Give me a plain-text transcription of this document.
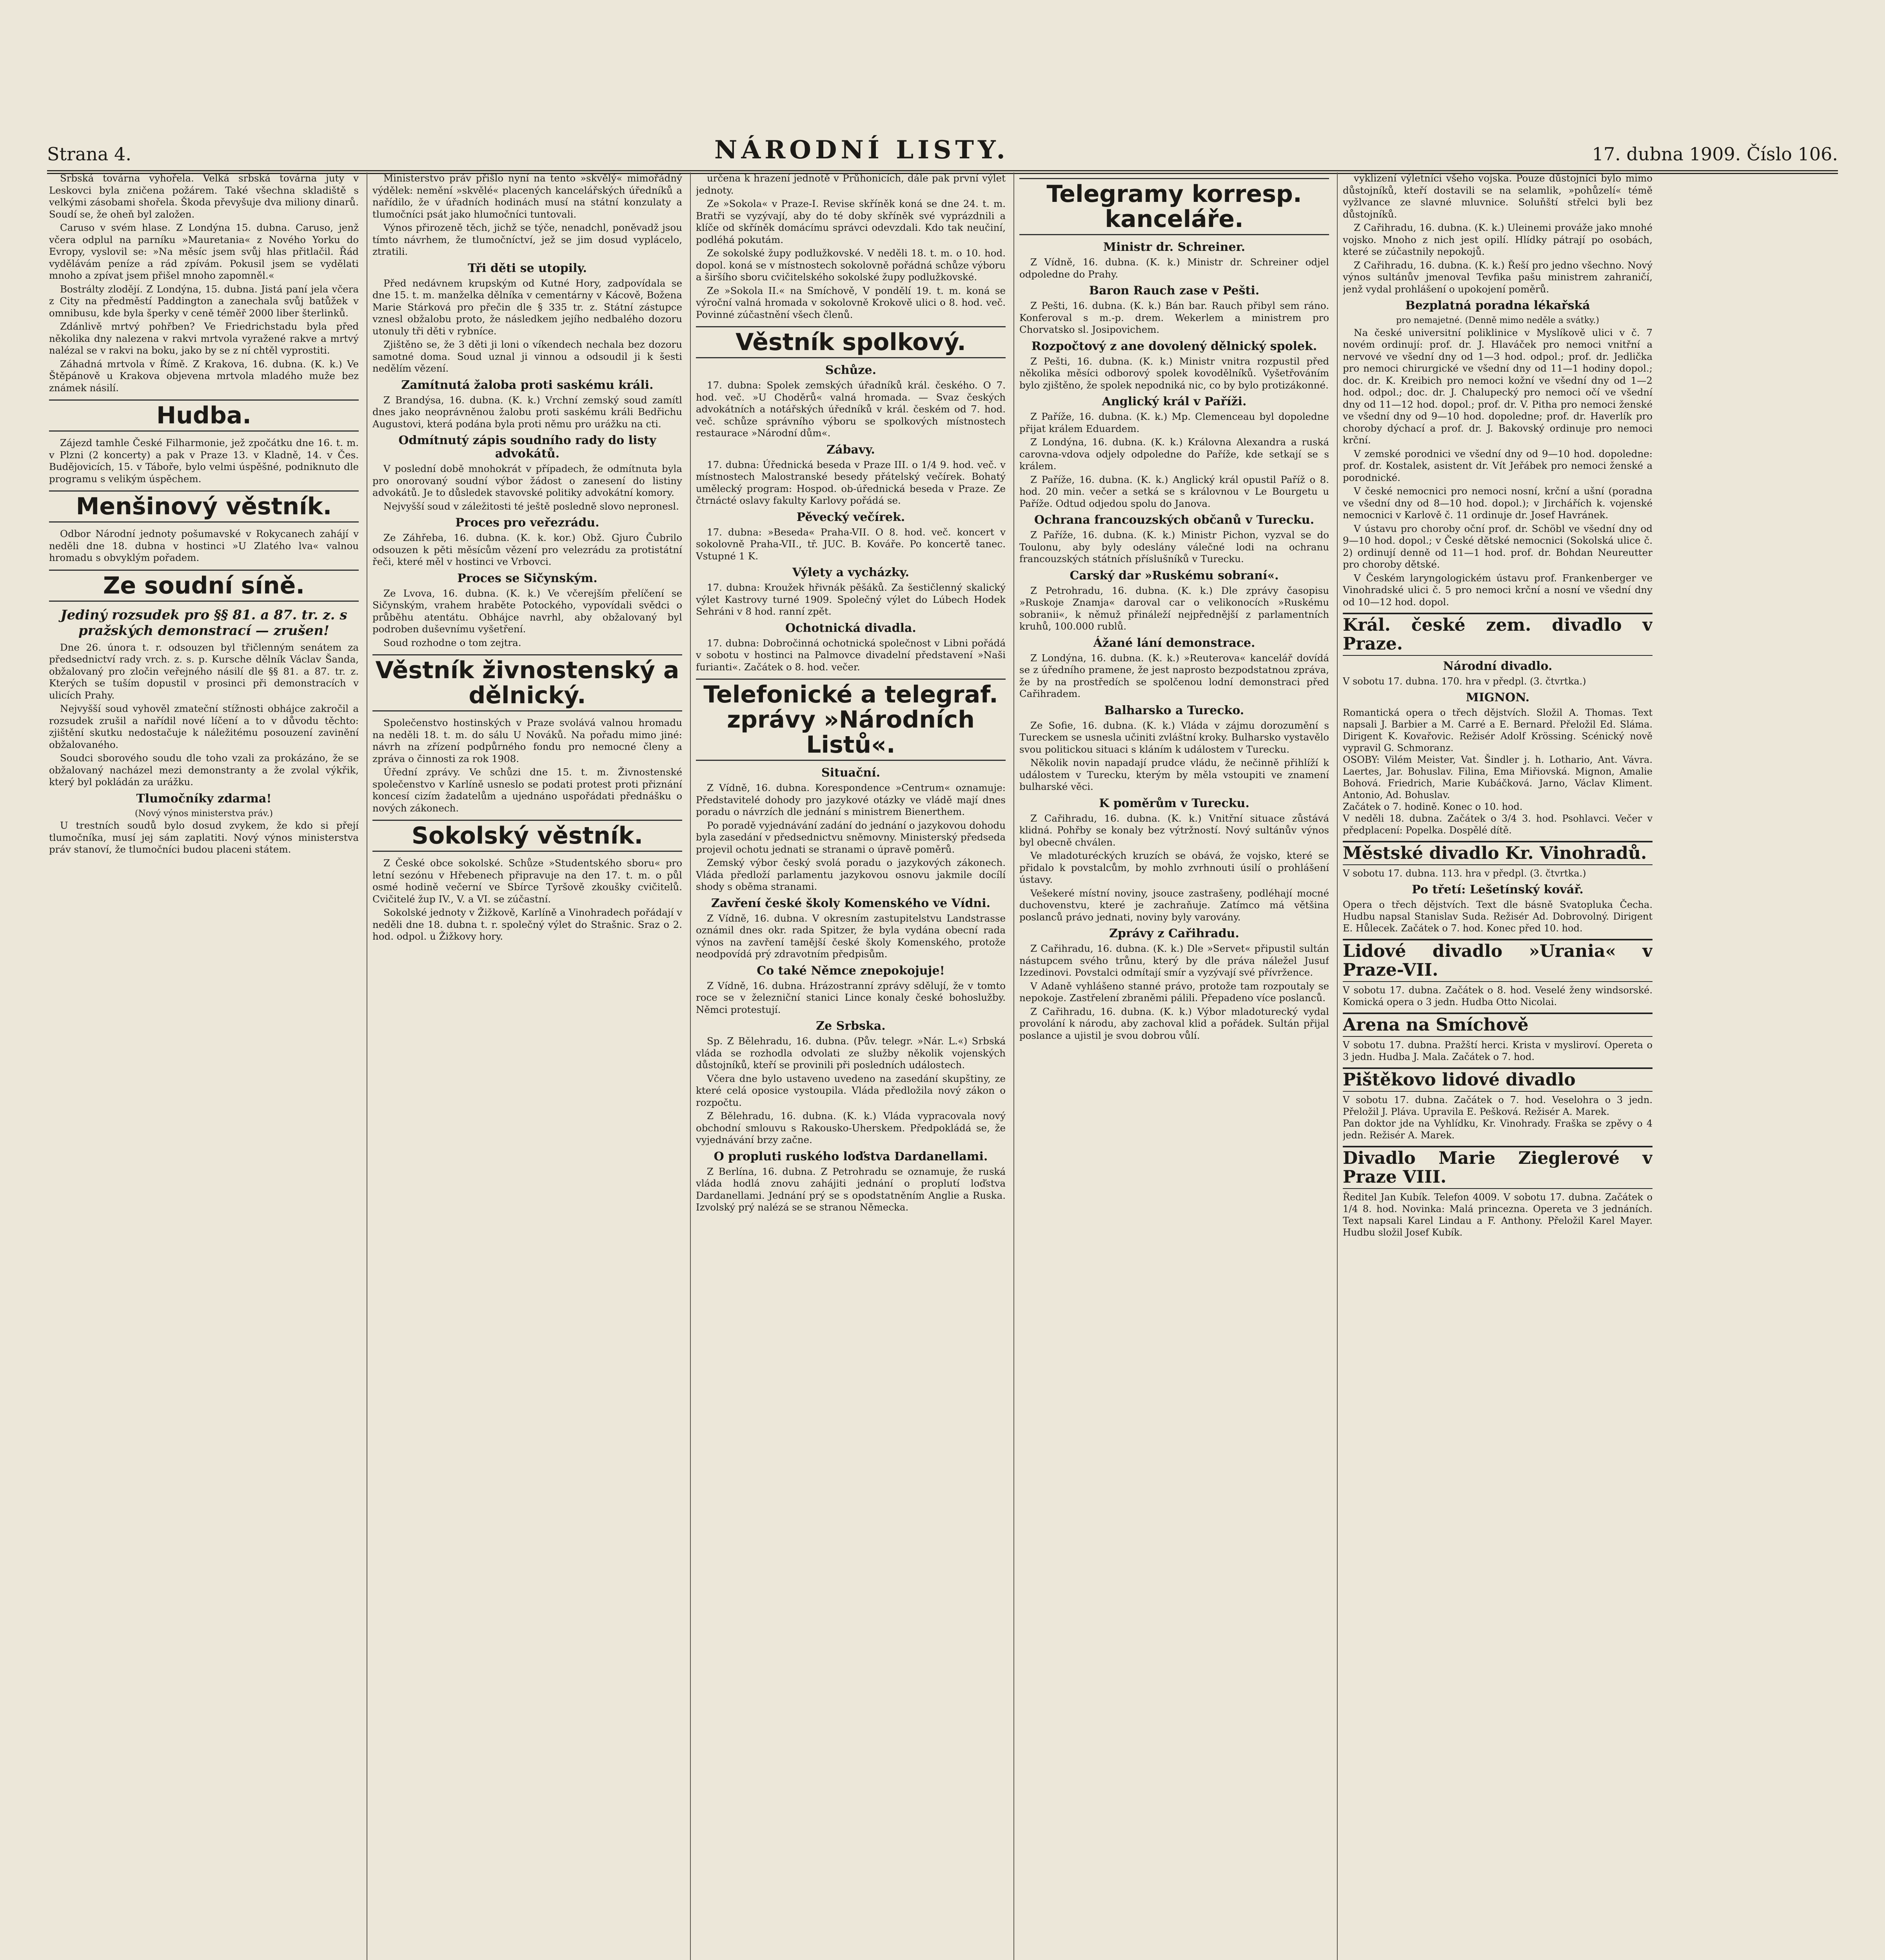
Strana 4.	NÁRODNÍ LISTY.	17. dubna 1909. Číslo 106.

Srbská továrna vyhořela. Velká srbská továrna juty v Leskovci byla zničena požárem. Také všechna skladiště s velkými zásobami shořela. Škoda převyšuje dva miliony dinarů. Soudí se, že oheň byl založen.

Caruso v svém hlase. Z Londýna 15. dubna. Caruso, jenž včera odplul na parníku »Mauretania« z Nového Yorku do Evropy, vyslovil se: »Na měsíc jsem svůj hlas přitlačil. Řád vydělávám peníze a rád zpívám. Pokusil jsem se vydělati mnoho a zpívat jsem přišel mnoho zapomněl.«

Bostrálty zlodějí. Z Londýna, 15. dubna. Jistá paní jela včera z City na předměstí Paddington a zanechala svůj batůžek v omnibusu, kde byla šperky v ceně téměř 2000 liber šterlinků.

Zdánlivě mrtvý pohřben? Ve Friedrichstadu byla před několika dny nalezena v rakvi mrtvola vyražené rakve a mrtvý nalézal se v rakvi na boku, jako by se z ní chtěl vyprostiti.

Záhadná mrtvola v Římě. Z Krakova, 16. dubna. (K. k.) Ve Štěpánově u Krakova objevena mrtvola mladého muže bez známek násilí.

Hudba.

Zájezd tamhle České Filharmonie, jež zpočátku dne 16. t. m. v Plzni (2 koncerty) a pak v Praze 13. v Kladně, 14. v Čes. Budějovicích, 15. v Táboře, bylo velmi úspěšné, podniknuto dle programu s velikým úspěchem.

Menšinový věstník.

Odbor Národní jednoty pošumavské v Rokycanech zahájí v neděli dne 18. dubna v hostinci »U Zlatého lva« valnou hromadu s obvyklým pořadem.

Ze soudní síně.
Jediný rozsudek pro §§ 81. a 87. tr. z. s pražských demonstrací — zrušen!

Dne 26. února t. r. odsouzen byl třičlenným senátem za předsednictví rady vrch. z. s. p. Kursche dělník Václav Šanda, obžalovaný pro zločin veřejného násilí dle §§ 81. a 87. tr. z. Kterých se tuším dopustil v prosinci při demonstracích v ulicích Prahy.

Nejvyšší soud vyhověl zmateční stížnosti obhájce zakročil a rozsudek zrušil a nařídil nové líčení a to v důvodu těchto: zjištění skutku nedostačuje k náležitému posouzení zavinění obžalovaného.

Soudci sborového soudu dle toho vzali za prokázáno, že se obžalovaný nacházel mezi demonstranty a že zvolal výkřik, který byl pokládán za urážku.

Tlumočníky zdarma!
(Nový výnos ministerstva práv.)

U trestních soudů bylo dosud zvykem, že kdo si přejí tlumočníka, musí jej sám zaplatiti. Nový výnos ministerstva práv stanoví, že tlumočníci budou placeni státem.

Ministerstvo práv přišlo nyní na tento »skvělý« mimořádný výdělek: nemění »skvělé« placených kancelářských úředníků a nařídilo, že v úřadních hodinách musí na státní konzulaty a tlumočníci psát jako hlumočníci tuntovali.

Výnos přirozeně těch, jichž se týče, nenadchl, poněvadž jsou tímto návrhem, že tlumočníctví, jež se jim dosud vyplácelo, ztratili.

Tři děti se utopily.

Před nedávnem krupským od Kutné Hory, zadpovídala se dne 15. t. m. manželka dělníka v cementárny v Kácově, Božena Marie Stárková pro přečin dle § 335 tr. z. Státní zástupce vznesl obžalobu proto, že následkem jejího nedbalého dozoru utonuly tři děti v rybníce.

Zjištěno se, že 3 děti ji loni o víkendech nechala bez dozoru samotné doma. Soud uznal ji vinnou a odsoudil ji k šesti nedělím vězení.

Zamítnutá žaloba proti saskému králi.

Z Brandýsa, 16. dubna. (K. k.) Vrchní zemský soud zamítl dnes jako neoprávněnou žalobu proti saskému králi Bedřichu Augustovi, která podána byla proti němu pro urážku na cti.

Odmítnutý zápis soudního rady do listy advokátů.

V poslední době mnohokrát v případech, že odmítnuta byla pro onorovaný soudní výbor žádost o zanesení do listiny advokátů. Je to důsledek stavovské politiky advokátní komory.

Nejvyšší soud v záležitosti té ještě posledně slovo nepronesl.

Proces pro veřezrádu.

Ze Záhřeba, 16. dubna. (K. k. kor.) Obž. Gjuro Čubrilo odsouzen k pěti měsícům vězení pro velezrádu za protistátní řeči, které měl v hostinci ve Vrbovci.

Proces se Sičynským.

Ze Lvova, 16. dubna. (K. k.) Ve včerejším přelíčení se Sičynským, vrahem hraběte Potockého, vypovídali svědci o průběhu atentátu. Obhájce navrhl, aby obžalovaný byl podroben duševnímu vyšetření.

Soud rozhodne o tom zejtra.

Věstník živnostenský a dělnický.

Společenstvo hostinských v Praze svolává valnou hromadu na neděli 18. t. m. do sálu U Nováků. Na pořadu mimo jiné: návrh na zřízení podpůrného fondu pro nemocné členy a zpráva o činnosti za rok 1908.

Úřední zprávy. Ve schůzi dne 15. t. m. Živnostenské společenstvo v Karlíně usneslo se podati protest proti přiznání koncesí cizím žadatelům a ujednáno uspořádati přednášku o nových zákonech.

Sokolský věstník.

Z České obce sokolské. Schůze »Studentského sboru« pro letní sezónu v Hřebenech připravuje na den 17. t. m. o půl osmé hodině večerní ve Sbírce Tyršově zkoušky cvičitelů. Cvičitelé žup IV., V. a VI. se zúčastní.

Sokolské jednoty v Žižkově, Karlíně a Vinohradech pořádají v neděli dne 18. dubna t. r. společný výlet do Strašnic. Sraz o 2. hod. odpol. u Žižkovy hory.

určena k hrazení jednotě v Průhonicích, dále pak první výlet jednoty.

Ze »Sokola« v Praze-I. Revise skříněk koná se dne 24. t. m. Bratři se vyzývají, aby do té doby skříněk své vyprázdnili a klíče od skříněk domácímu správci odevzdali. Kdo tak neučiní, podléhá pokutám.

Ze sokolské župy podlužkovské. V neděli 18. t. m. o 10. hod. dopol. koná se v místnostech sokolovně pořádná schůze výboru a širšího sboru cvičitelského sokolské župy podlužkovské.

Ze »Sokola II.« na Smíchově, V pondělí 19. t. m. koná se výroční valná hromada v sokolovně Krokově ulici o 8. hod. več. Povinné zúčastnění všech členů.

Věstník spolkový.
Schůze.

17. dubna: Spolek zemských úřadníků král. českého. O 7. hod. več. »U Choděrů« valná hromada. — Svaz českých advokátních a notářských úředníků v král. českém od 7. hod. več. schůze správního výboru se spolkových místnostech restaurace »Národní dům«.

Zábavy.

17. dubna: Úřednická beseda v Praze III. o 1/4 9. hod. več. v místnostech Malostranské besedy přátelský večírek. Bohatý umělecký program: Hospod. ob-úřednická beseda v Praze. Ze čtrnácté oslavy fakulty Karlovy pořádá se.

Pěvecký večírek.

17. dubna: »Beseda« Praha-VII. O 8. hod. več. koncert v sokolovně Praha-VII., tř. JUC. B. Kováře. Po koncertě tanec. Vstupné 1 K.

Výlety a vycházky.

17. dubna: Kroužek hřivnák pěšáků. Za šestičlenný skalický výlet Kastrovy turné 1909. Společný výlet do Lúbech Hodek Sehráni v 8 hod. ranní zpět.

Ochotnická divadla.

17. dubna: Dobročinná ochotnická společnost v Libni pořádá v sobotu v hostinci na Palmovce divadelní představení »Naši furianti«. Začátek o 8. hod. večer.

Telefonické a telegraf. zprávy »Národních Listů«.
Situační.

Z Vídně, 16. dubna. Korespondence »Centrum« oznamuje: Představitelé dohody pro jazykové otázky ve vládě mají dnes poradu o návrzích dle jednání s ministrem Bienerthem.

Po poradě vyjednávání zadání do jednání o jazykovou dohodu byla zasedání v předsednictvu sněmovny. Ministerský předseda projevil ochotu jednati se stranami o úpravě poměrů.

Zemský výbor český svolá poradu o jazykových zákonech. Vláda předloží parlamentu jazykovou osnovu jakmile docílí shody s oběma stranami.

Zavření české školy Komenského ve Vídni.

Z Vídně, 16. dubna. V okresním zastupitelstvu Landstrasse oznámil dnes okr. rada Spitzer, že byla vydána obecní rada výnos na zavření tamější české školy Komenského, protože neodpovídá prý zdravotním předpisům.

Co také Němce znepokojuje!

Z Vídně, 16. dubna. Hrázostranní zprávy sdělují, že v tomto roce se v železniční stanici Lince konaly české bohoslužby. Němci protestují.

Ze Srbska.

Sp. Z Bělehradu, 16. dubna. (Pův. telegr. »Nár. L.«) Srbská vláda se rozhodla odvolati ze služby několik vojenských důstojníků, kteří se provinili při posledních událostech.

Včera dne bylo ustaveno uvedeno na zasedání skupštiny, ze které celá oposice vystoupila. Vláda předložila nový zákon o rozpočtu.

Z Bělehradu, 16. dubna. (K. k.) Vláda vypracovala nový obchodní smlouvu s Rakousko-Uherskem. Předpokládá se, že vyjednávání brzy začne.

O propluti ruského loďstva Dardanellami.

Z Berlína, 16. dubna. Z Petrohradu se oznamuje, že ruská vláda hodlá znovu zahájiti jednání o proplutí loďstva Dardanellami. Jednání prý se s opodstatněním Anglie a Ruska. Izvolský prý nalézá se se stranou Německa.

Telegramy korresp. kanceláře.
Ministr dr. Schreiner.

Z Vídně, 16. dubna. (K. k.) Ministr dr. Schreiner odjel odpoledne do Prahy.

Baron Rauch zase v Pešti.

Z Pešti, 16. dubna. (K. k.) Bán bar. Rauch přibyl sem ráno. Konferoval s m.-p. drem. Wekerlem a ministrem pro Chorvatsko sl. Josipovichem.

Rozpočtový z ane dovolený dělnický spolek.

Z Pešti, 16. dubna. (K. k.) Ministr vnitra rozpustil před několika měsíci odborový spolek kovodělníků. Vyšetřováním bylo zjištěno, že spolek nepodniká nic, co by bylo protizákonné.

Anglický král v Paříži.

Z Paříže, 16. dubna. (K. k.) Mp. Clemenceau byl dopoledne přijat králem Eduardem.

Z Londýna, 16. dubna. (K. k.) Královna Alexandra a ruská carovna-vdova odjely odpoledne do Paříže, kde setkají se s králem.

Z Paříže, 16. dubna. (K. k.) Anglický král opustil Paříž o 8. hod. 20 min. večer a setká se s královnou v Le Bourgetu u Paříže. Odtud odjedou spolu do Janova.

Ochrana francouzských občanů v Turecku.

Z Paříže, 16. dubna. (K. k.) Ministr Pichon, vyzval se do Toulonu, aby byly odeslány válečné lodi na ochranu francouzských státních příslušníků v Turecku.

Carský dar »Ruskému sobraní«.

Z Petrohradu, 16. dubna. (K. k.) Dle zprávy časopisu »Ruskoje Znamja« daroval car o velikonocích »Ruskému sobranii«, k němuž přináleží nejpřednější z parlamentních kruhů, 100.000 rublů.

Ážané lání demonstrace.

Z Londýna, 16. dubna. (K. k.) »Reuterova« kancelář dovídá se z úředního pramene, že jest naprosto bezpodstatnou zpráva, že by na prostředích se spolčenou lodní demonstraci před Cařihradem.

Balharsko a Turecko.

Ze Sofie, 16. dubna. (K. k.) Vláda v zájmu dorozumění s Tureckem se usnesla učiniti zvláštní kroky. Bulharsko vystavělo svou politickou situaci s kláním k událostem v Turecku.

Několik novin napadají prudce vládu, že nečinně přihlíží k událostem v Turecku, kterým by měla vstoupiti ve znamení bulharské věci.

K poměrům v Turecku.

Z Cařihradu, 16. dubna. (K. k.) Vnitřní situace zůstává klidná. Pohřby se konaly bez výtržností. Nový sultánův výnos byl obecně chválen.

Ve mladoturéckých kruzích se obává, že vojsko, které se přidalo k povstalcům, by mohlo zvrhnouti úsilí o prohlášení ústavy.

Vešekeré místní noviny, jsouce zastrašeny, podléhají mocné duchovenstvu, které je zachraňuje. Zatímco má většina poslanců právo jednati, noviny byly varovány.

Zprávy z Cařihradu.

Z Cařihradu, 16. dubna. (K. k.) Dle »Servet« připustil sultán nástupcem svého trůnu, který by dle práva náležel Jusuf Izzedinovi. Povstalci odmítají smír a vyzývají své přívržence.

V Adaně vyhlášeno stanné právo, protože tam rozpoutaly se nepokoje. Zastřelení zbraněmi pálili. Přepadeno více poslanců.

Z Cařihradu, 16. dubna. (K. k.) Výbor mladoturecký vydal provolání k národu, aby zachoval klid a pořádek. Sultán přijal poslance a ujistil je svou dobrou vůlí.

vyklizení výletníci všeho vojska. Pouze důstojníci bylo mimo důstojníků, kteří dostavili se na selamlik, »pohůzelí« témě vyžlvance ze slavné mluvnice. Soluňští střelci byli bez důstojníků.

Z Cařihradu, 16. dubna. (K. k.) Uleinemi prováže jako mnohé vojsko. Mnoho z nich jest opilí. Hlídky pátrají po osobách, které se zúčastnily nepokojů.

Z Cařihradu, 16. dubna. (K. k.) Řeší pro jedno všechno. Nový výnos sultánův jmenoval Tevfika pašu ministrem zahraničí, jenž vydal prohlášení o upokojení poměrů.

Bezplatná poradna lékařská
pro nemajetné. (Denně mimo neděle a svátky.)

Na české universitní poliklinice v Myslíkově ulici v č. 7 novém ordinují: prof. dr. J. Hlaváček pro nemoci vnitřní a nervové ve všední dny od 1—3 hod. odpol.; prof. dr. Jedlička pro nemoci chirurgické ve všední dny od 11—1 hodiny dopol.; doc. dr. K. Kreibich pro nemoci kožní ve všední dny od 1—2 hod. odpol.; doc. dr. J. Chalupecký pro nemoci očí ve všední dny od 11—12 hod. dopol.; prof. dr. V. Pitha pro nemoci ženské ve všední dny od 9—10 hod. dopoledne; prof. dr. Haverlík pro choroby dýchací a prof. dr. J. Bakovský ordinuje pro nemoci krční.

V zemské porodnici ve všední dny od 9—10 hod. dopoledne: prof. dr. Kostalek, asistent dr. Vít Jeřábek pro nemoci ženské a porodnické.

V české nemocnici pro nemoci nosní, krční a ušní (poradna ve všední dny od 8—10 hod. dopol.); v Jirchářích k. vojenské nemocnici v Karlově č. 11 ordinuje dr. Josef Havránek.

V ústavu pro choroby oční prof. dr. Schöbl ve všední dny od 9—10 hod. dopol.; v České dětské nemocnici (Sokolská ulice č. 2) ordinují denně od 11—1 hod. prof. dr. Bohdan Neureutter pro choroby dětské.

V Českém laryngologickém ústavu prof. Frankenberger ve Vinohradské ulici č. 5 pro nemoci krční a nosní ve všední dny od 10—12 hod. dopol.

Král. české zem. divadlo v Praze.
Národní divadlo.
V sobotu 17. dubna. 170. hra v předpl. (3. čtvrtka.)
MIGNON.
Romantická opera o třech dějstvích. Složil A. Thomas. Text napsali J. Barbier a M. Carré a E. Bernard. Přeložil Ed. Sláma. Dirigent K. Kovařovic. Režisér Adolf Krössing. Scénický nově vypravil G. Schmoranz.
OSOBY: Vilém Meister, Vat. Šindler j. h. Lothario, Ant. Vávra. Laertes, Jar. Bohuslav. Filina, Ema Miřiovská. Mignon, Amalie Bohová. Friedrich, Marie Kubáčková. Jarno, Václav Kliment. Antonio, Ad. Bohuslav.
Začátek o 7. hodině. Konec o 10. hod.
V neděli 18. dubna. Začátek o 3/4 3. hod. Psohlavci. Večer v předplacení: Popelka. Dospělé dítě.
Městské divadlo Kr. Vinohradů.
V sobotu 17. dubna. 113. hra v předpl. (3. čtvrtka.)
Po třetí: Lešetínský kovář.
Opera o třech dějstvích. Text dle básně Svatopluka Čecha. Hudbu napsal Stanislav Suda. Režisér Ad. Dobrovolný. Dirigent E. Hůlecek. Začátek o 7. hod. Konec před 10. hod.
Lidové divadlo »Urania« v Praze-VII.
V sobotu 17. dubna. Začátek o 8. hod. Veselé ženy windsorské. Komická opera o 3 jedn. Hudba Otto Nicolai.
Arena na Smíchově
V sobotu 17. dubna. Pražští herci. Krista v mysliroví. Opereta o 3 jedn. Hudba J. Mala. Začátek o 7. hod.
Pištěkovo lidové divadlo
V sobotu 17. dubna. Začátek o 7. hod. Veselohra o 3 jedn. Přeložil J. Pláva. Upravila E. Pešková. Režisér A. Marek.
Pan doktor jde na Vyhlídku, Kr. Vinohrady. Fraška se zpěvy o 4 jedn. Režisér A. Marek.
Divadlo Marie Zieglerové v Praze VIII.
Ředitel Jan Kubík. Telefon 4009. V sobotu 17. dubna. Začátek o 1/4 8. hod. Novinka: Malá princezna. Opereta ve 3 jednáních. Text napsali Karel Lindau a F. Anthony. Přeložil Karel Mayer. Hudbu složil Josef Kubík.
